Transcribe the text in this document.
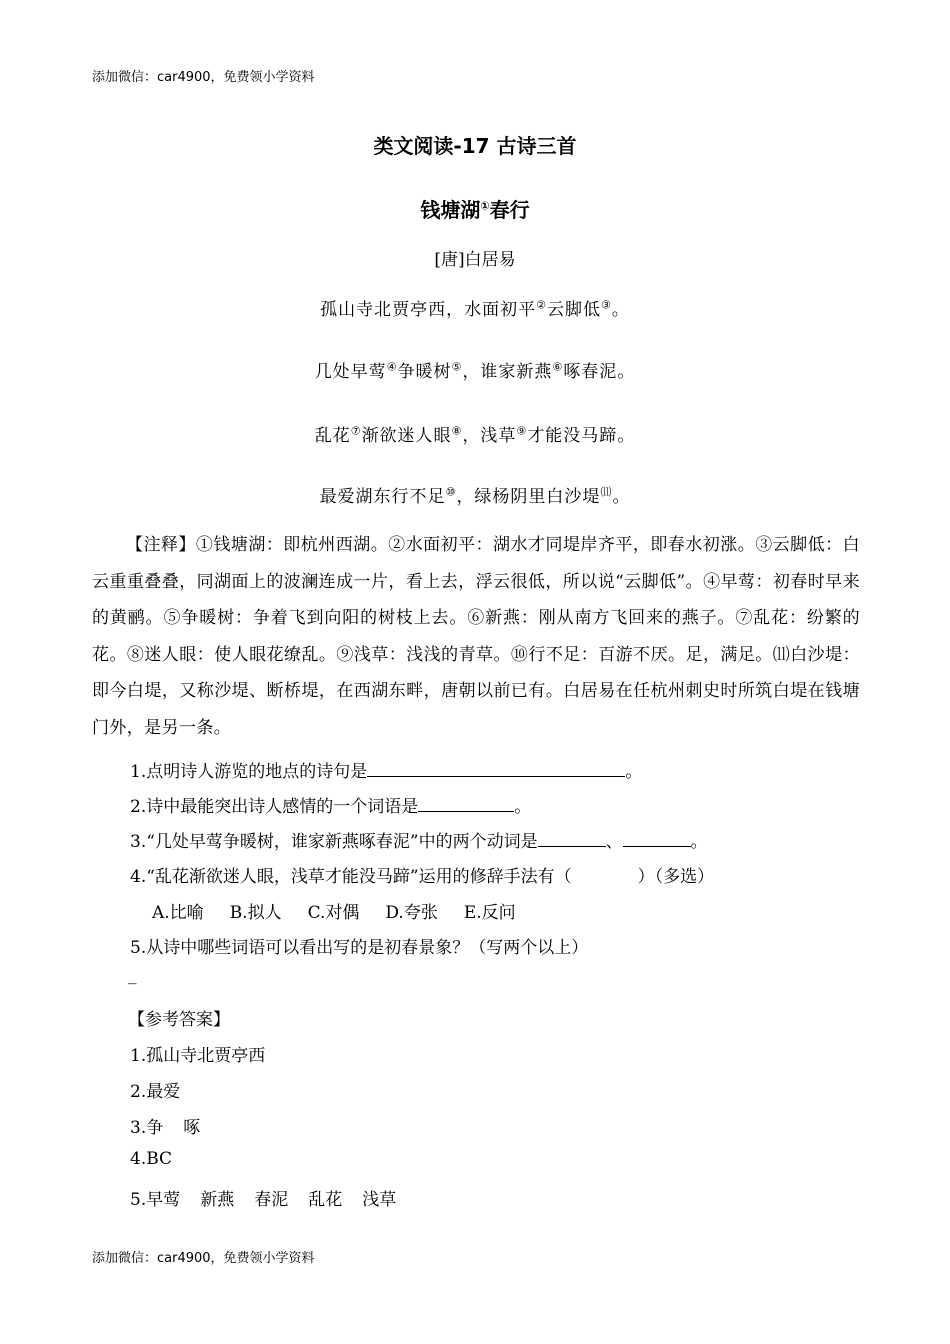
添加微信：car4900，免费领小学资料
类文阅读-17 古诗三首
钱塘湖①春行
[唐]白居易
孤山寺北贾亭西，水面初平②云脚低③。
几处早莺④争暖树⑤，谁家新燕⑥啄春泥。
乱花⑦渐欲迷人眼⑧，浅草⑨才能没马蹄。
最爱湖东行不足⑩，绿杨阴里白沙堤⑾。
【注释】①钱塘湖：即杭州西湖。②水面初平：湖水才同堤岸齐平，即春水初涨。③云脚低：白云重重叠叠，同湖面上的波澜连成一片，看上去，浮云很低，所以说“云脚低”。④早莺：初春时早来的黄鹂。⑤争暖树：争着飞到向阳的树枝上去。⑥新燕：刚从南方飞回来的燕子。⑦乱花：纷繁的花。⑧迷人眼：使人眼花缭乱。⑨浅草：浅浅的青草。⑩行不足：百游不厌。足，满足。⑾白沙堤：即今白堤，又称沙堤、断桥堤，在西湖东畔，唐朝以前已有。白居易在任杭州刺史时所筑白堤在钱塘门外，是另一条。
1.点明诗人游览的地点的诗句是	。
2.诗中最能突出诗人感情的一个词语是	。
3.“几处早莺争暖树，谁家新燕啄春泥”中的两个动词是	、	。
4.“乱花渐欲迷人眼，浅草才能没马蹄”运用的修辞手法有（	）（多选）
A.比喻 B.拟人 C.对偶 D.夸张 E.反问
5.从诗中哪些词语可以看出写的是初春景象？（写两个以上）
_
【参考答案】
1.孤山寺北贾亭西
2.最爱
3.争 啄
4.BC
5.早莺 新燕 春泥 乱花 浅草
添加微信：car4900，免费领小学资料
